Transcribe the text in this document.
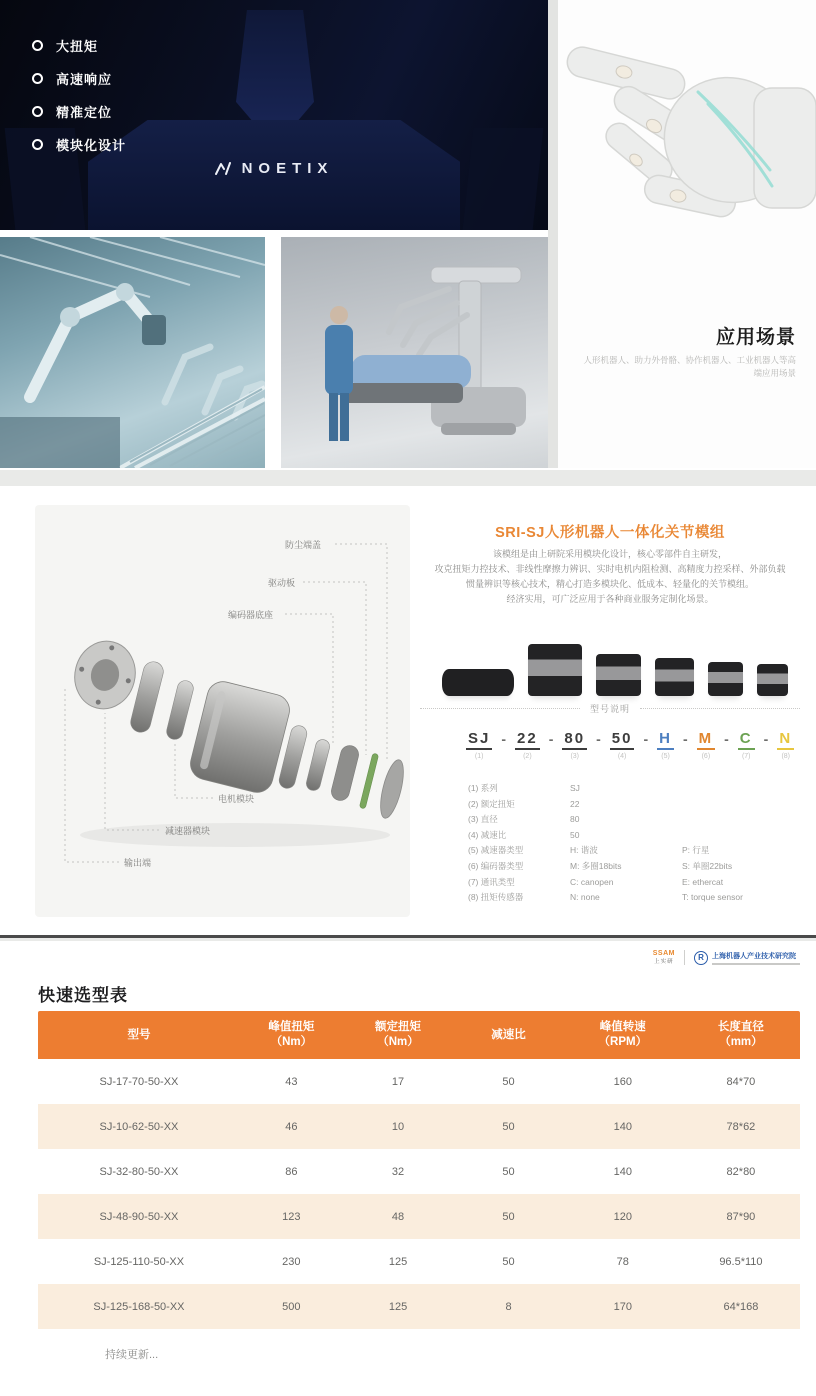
大扭矩
高速响应
精准定位
模块化设计
NOETIX
应用场景
人形机器人、助力外骨骼、协作机器人、工业机器人等高端应用场景
防尘端盖
驱动板
编码器底座
电机模块
减速器模块
输出端
SRI-SJ人形机器人一体化关节模组
该模组是由上研院采用模块化设计，核心零部件自主研发，
攻克扭矩力控技术、非线性摩擦力辨识、实时电机内阻检测、高精度力控采样、外部负载
惯量辨识等核心技术，精心打造多模块化、低成本、轻量化的关节模组。
经济实用，可广泛应用于各种商业服务定制化场景。
型号说明
SJ
(1)
- 22
(2)
- 80
(3)
- 50
(4)
- H
(5)
- M
(6)
- C
(7)
- N
(8)
(1) 系列	SJ
(2) 额定扭矩	22
(3) 直径	80
(4) 减速比	50
(5) 减速器类型	H: 谐波	P: 行星
(6) 编码器类型	M: 多圈18bits	S: 单圈22bits
(7) 通讯类型	C: canopen	E: ethercat
(8) 扭矩传感器	N: none	T: torque sensor
SSAM
上实研	R	上海机器人产业技术研究院
快速选型表
型号

峰值扭矩
（Nm）

额定扭矩
（Nm）

减速比

峰值转速
（RPM）

长度直径
（mm）

SJ-17-70-50-XX	43	17	50	160	84*70
SJ-10-62-50-XX	46	10	50	140	78*62
SJ-32-80-50-XX	86	32	50	140	82*80
SJ-48-90-50-XX	123	48	50	120	87*90
SJ-125-110-50-XX	230	125	50	78	96.5*110
SJ-125-168-50-XX	500	125	8	170	64*168
持续更新...
